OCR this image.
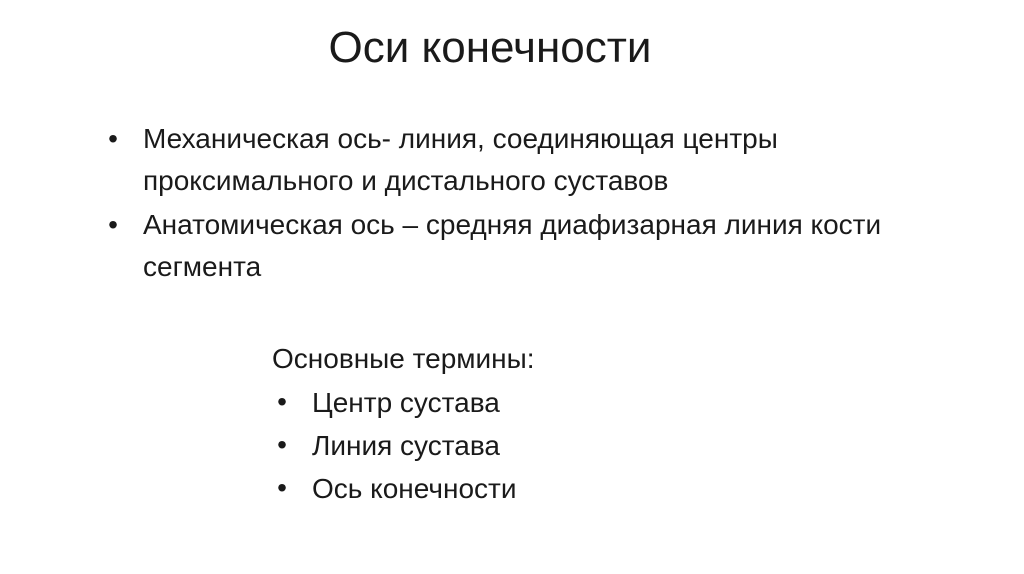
Оси конечности
• Механическая ось- линия, соединяющая центры проксимального и дистального суставов
• Анатомическая ось – средняя диафизарная линия кости сегмента

Основные термины:

• Центр сустава
• Линия сустава
• Ось конечности
